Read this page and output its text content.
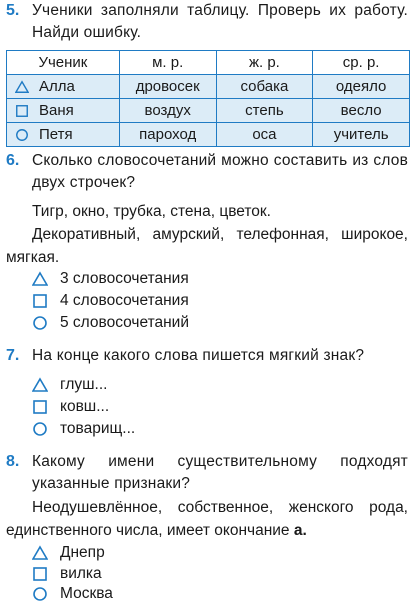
5. Ученики заполняли таблицу. Проверь их работу. Найди ошибку.
Ученик	м. р.	ж. р.	ср. р.

Алла	дровосек	собака	одеяло

Ваня	воздух	степь	весло

Петя	пароход	оса	учитель
6. Сколько словосочетаний можно составить из слов двух строчек?
Тигр, окно, трубка, стена, цветок.
Декоративный, амурский, телефонная, широкое, мягкая.
3 словосочетания
4 словосочетания
5 словосочетаний
7. На конце какого слова пишется мягкий знак?
глуш...
ковш...
товарищ...
8. Какому имени существительному подходят указанные признаки?
Неодушевлённое, собственное, женского рода, единственного числа, имеет окончание а.
Днепр
вилка
Москва
